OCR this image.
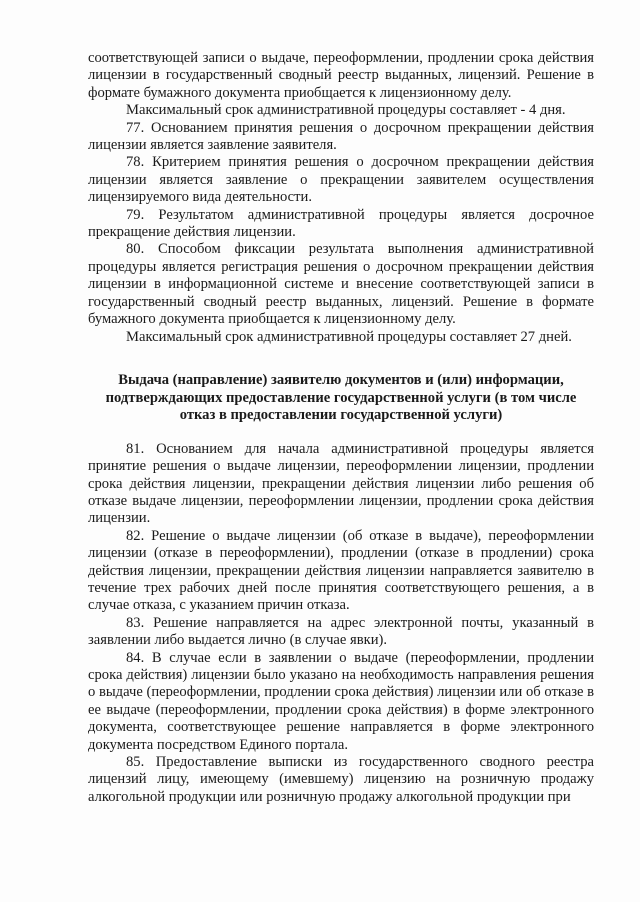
соответствующей записи о выдаче, переоформлении, продлении срока действия лицензии в государственный сводный реестр выданных, лицензий. Решение в формате бумажного документа приобщается к лицензионному делу.

Максимальный срок административной процедуры составляет - 4 дня.

77. Основанием принятия решения о досрочном прекращении действия лицензии является заявление заявителя.

78. Критерием принятия решения о досрочном прекращении действия лицензии является заявление о прекращении заявителем осуществления лицензируемого вида деятельности.

79. Результатом административной процедуры является досрочное прекращение действия лицензии.

80. Способом фиксации результата выполнения административной процедуры является регистрация решения о досрочном прекращении действия лицензии в информационной системе и внесение соответствующей записи в государственный сводный реестр выданных, лицензий. Решение в формате бумажного документа приобщается к лицензионному делу.

Максимальный срок административной процедуры составляет 27 дней.

Выдача (направление) заявителю документов и (или) информации, подтверждающих предоставление государственной услуги (в том числе отказ в предоставлении государственной услуги)

81. Основанием для начала административной процедуры является принятие решения о выдаче лицензии, переоформлении лицензии, продлении срока действия лицензии, прекращении действия лицензии либо решения об отказе выдаче лицензии, переоформлении лицензии, продлении срока действия лицензии.

82. Решение о выдаче лицензии (об отказе в выдаче), переоформлении лицензии (отказе в переоформлении), продлении (отказе в продлении) срока действия лицензии, прекращении действия лицензии направляется заявителю в течение трех рабочих дней после принятия соответствующего решения, а в случае отказа, с указанием причин отказа.

83. Решение направляется на адрес электронной почты, указанный в заявлении либо выдается лично (в случае явки).

84. В случае если в заявлении о выдаче (переоформлении, продлении срока действия) лицензии было указано на необходимость направления решения о выдаче (переоформлении, продлении срока действия) лицензии или об отказе в ее выдаче (переоформлении, продлении срока действия) в форме электронного документа, соответствующее решение направляется в форме электронного документа посредством Единого портала.

85. Предоставление выписки из государственного сводного реестра лицензий лицу, имеющему (имевшему) лицензию на розничную продажу алкогольной продукции или розничную продажу алкогольной продукции при
